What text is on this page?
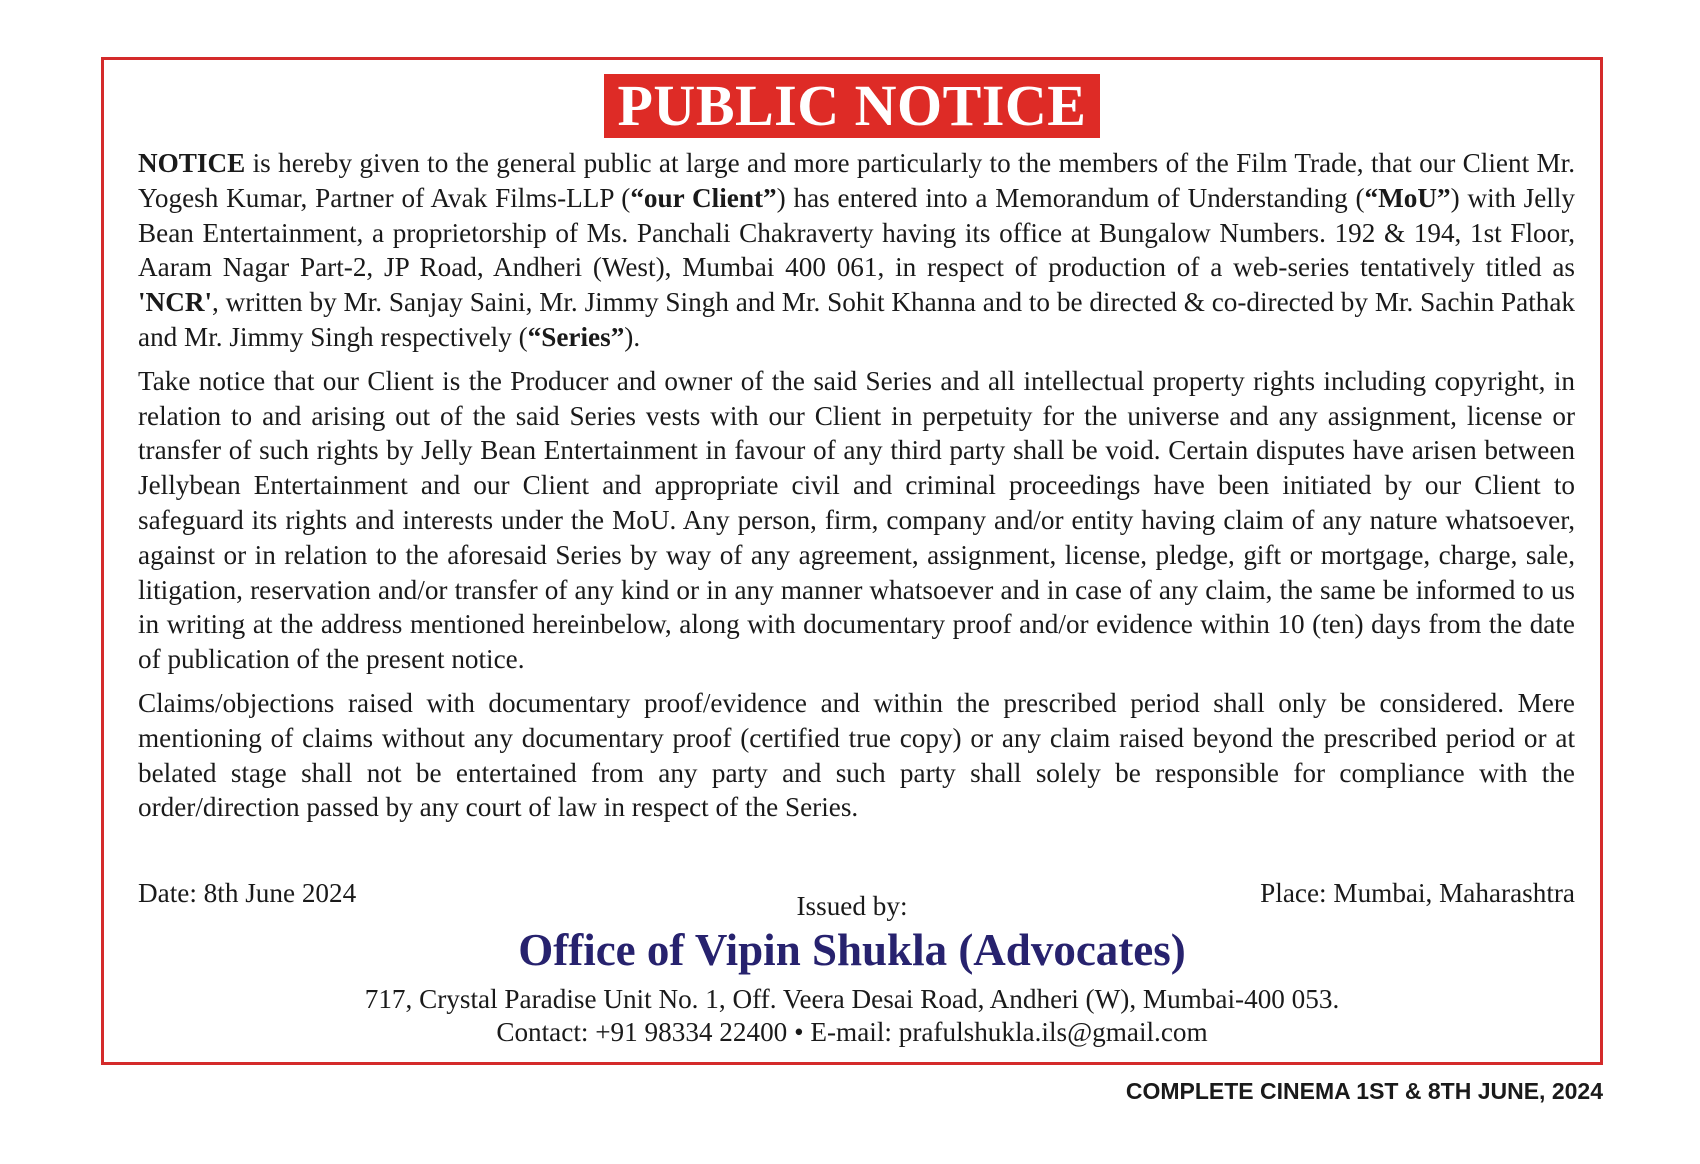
PUBLIC NOTICE

NOTICE is hereby given to the general public at large and more particularly to the members of the Film Trade, that our Client Mr. Yogesh Kumar, Partner of Avak Films-LLP (“our Client”) has entered into a Memorandum of Understanding (“MoU”) with Jelly Bean Entertainment, a proprietorship of Ms. Panchali Chakraverty having its office at Bungalow Numbers. 192 & 194, 1st Floor, Aaram Nagar Part-2, JP Road, Andheri (West), Mumbai 400 061, in respect of production of a web-series tentatively titled as 'NCR', written by Mr. Sanjay Saini, Mr. Jimmy Singh and Mr. Sohit Khanna and to be directed & co-directed by Mr. Sachin Pathak and Mr. Jimmy Singh respectively (“Series”).

Take notice that our Client is the Producer and owner of the said Series and all intellectual property rights including copyright, in relation to and arising out of the said Series vests with our Client in perpetuity for the universe and any assignment, license or transfer of such rights by Jelly Bean Entertainment in favour of any third party shall be void. Certain disputes have arisen between Jellybean Entertainment and our Client and appropriate civil and criminal proceedings have been initiated by our Client to safeguard its rights and interests under the MoU. Any person, firm, company and/or entity having claim of any nature whatsoever, against or in relation to the aforesaid Series by way of any agreement, assignment, license, pledge, gift or mortgage, charge, sale, litigation, reservation and/or transfer of any kind or in any manner whatsoever and in case of any claim, the same be informed to us in writing at the address mentioned hereinbelow, along with documentary proof and/or evidence within 10 (ten) days from the date of publication of the present notice.

Claims/objections raised with documentary proof/evidence and within the prescribed period shall only be considered. Mere mentioning of claims without any documentary proof (certified true copy) or any claim raised beyond the prescribed period or at belated stage shall not be entertained from any party and such party shall solely be responsible for compliance with the order/direction passed by any court of law in respect of the Series.

Date: 8th June 2024	Place: Mumbai, Maharashtra
Issued by:
Office of Vipin Shukla (Advocates)
717, Crystal Paradise Unit No. 1, Off. Veera Desai Road, Andheri (W), Mumbai-400 053.
Contact: +91 98334 22400 • E-mail: prafulshukla.ils@gmail.com
COMPLETE CINEMA 1ST & 8TH JUNE, 2024
